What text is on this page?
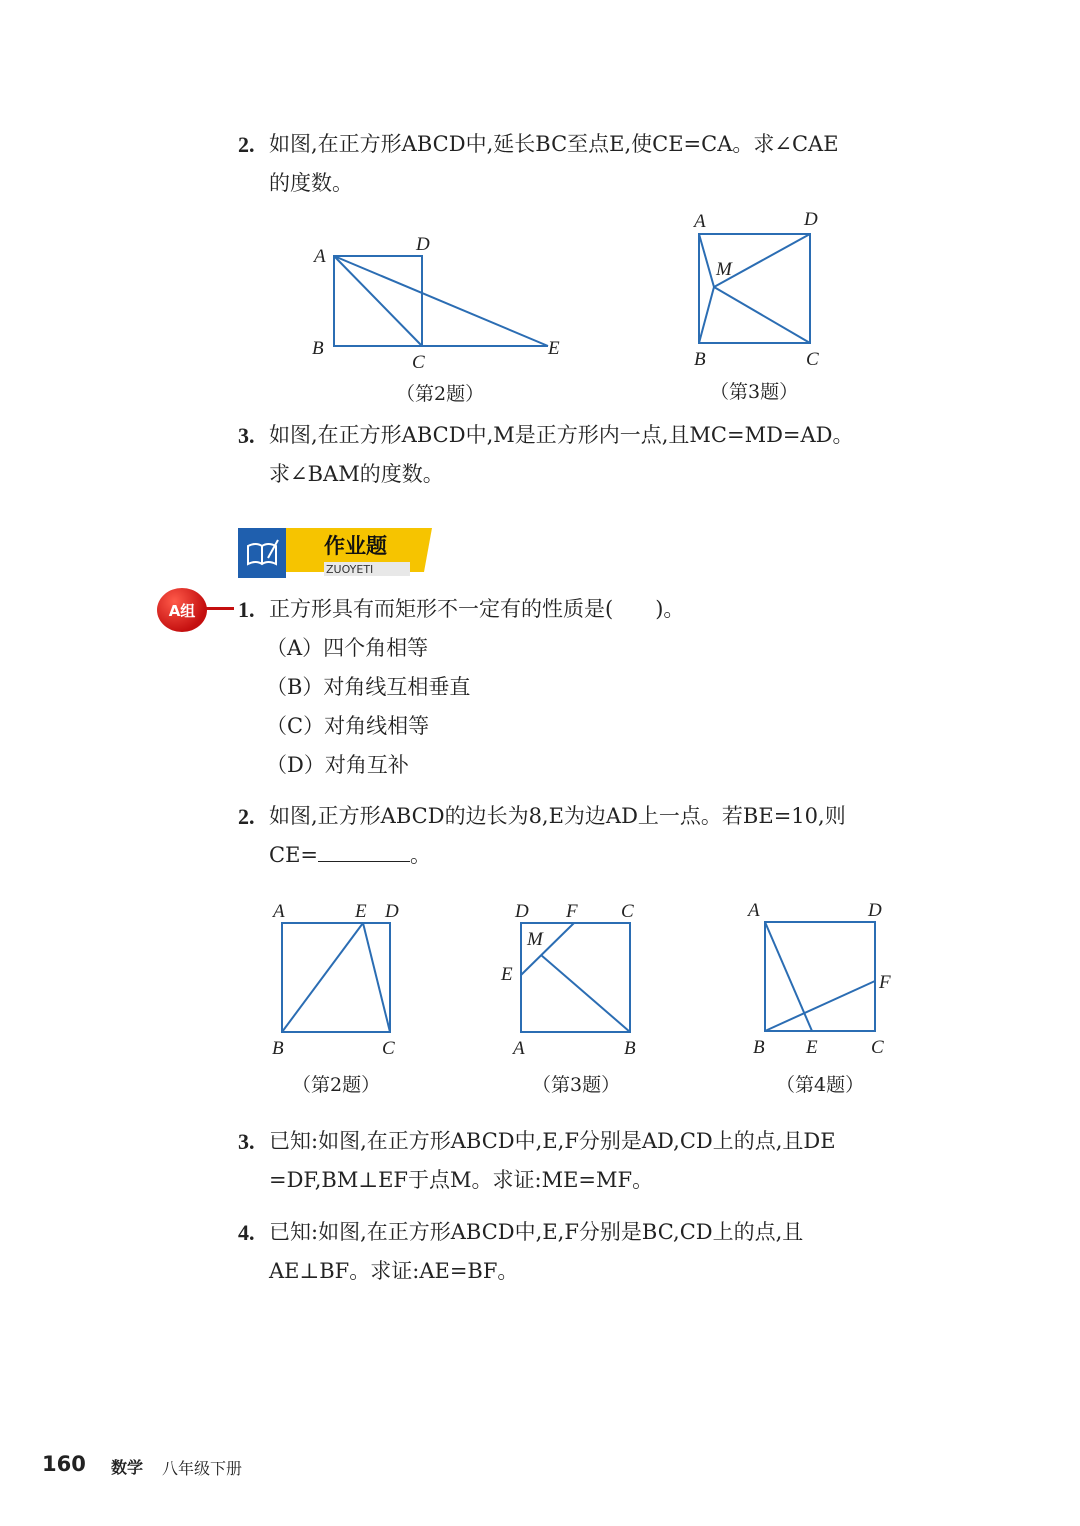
2. 如图,在正方形ABCD中,延长BC至点E,使CE=CA。求∠CAE
的度数。
A
D
B
C
E
（第2题）
A	D
M
B	C
（第3题）
3. 如图,在正方形ABCD中,M是正方形内一点,且MC=MD=AD。
求∠BAM的度数。
作业题
ZUOYETI
A组 1. 正方形具有而矩形不一定有的性质是(　　)。
（A）四个角相等
（B）对角线互相垂直
（C）对角线相等
（D）对角互补
2. 如图,正方形ABCD的边长为8,E为边AD上一点。若BE=10,则
CE=	。
A	E D
B	C
（第2题）
D F C
M
E
A	B
（第3题）
A	D
F
B E	C
（第4题）
3. 已知:如图,在正方形ABCD中,E,F分别是AD,CD上的点,且DE
=DF,BM⊥EF于点M。求证:ME=MF。
4. 已知:如图,在正方形ABCD中,E,F分别是BC,CD上的点,且
AE⊥BF。求证:AE=BF。
160 数学 八年级下册
